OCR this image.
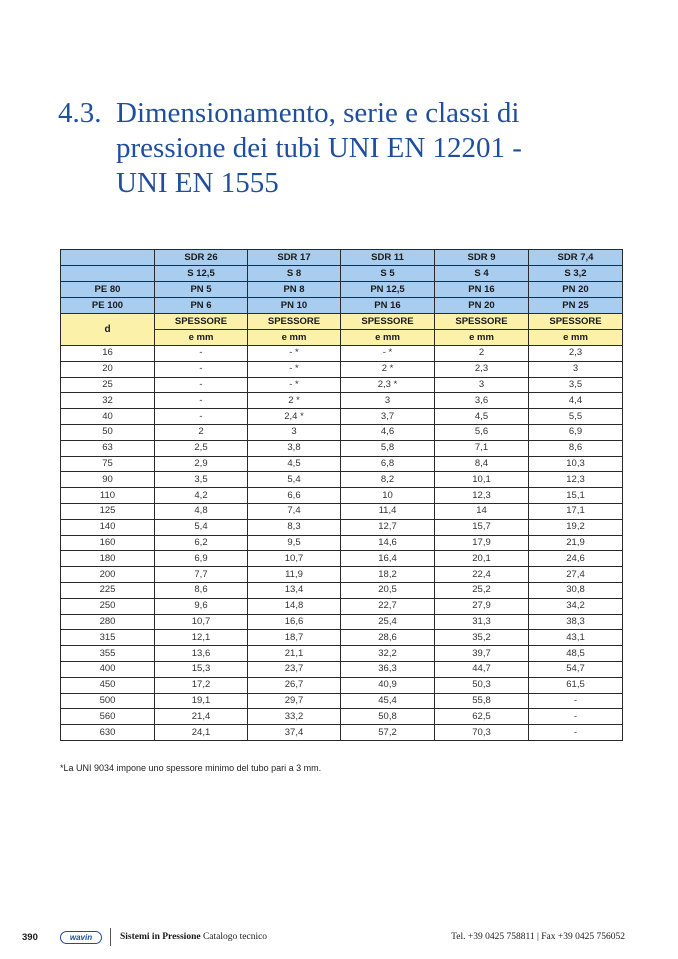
4.3. Dimensionamento, serie e classi di
pressione dei tubi UNI EN 12201 -
UNI EN 1555
	SDR 26	SDR 17	SDR 11	SDR 9	SDR 7,4
	S 12,5	S 8	S 5	S 4	S 3,2
PE 80	PN 5	PN 8	PN 12,5	PN 16	PN 20
PE 100	PN 6	PN 10	PN 16	PN 20	PN 25
d	SPESSORE	SPESSORE	SPESSORE	SPESSORE	SPESSORE
	e mm	e mm	e mm	e mm	e mm
16	-	- *	- *	2	2,3
20	-	- *	2 *	2,3	3
25	-	- *	2,3 *	3	3,5
32	-	2 *	3	3,6	4,4
40	-	2,4 *	3,7	4,5	5,5
50	2	3	4,6	5,6	6,9
63	2,5	3,8	5,8	7,1	8,6
75	2,9	4,5	6,8	8,4	10,3
90	3,5	5,4	8,2	10,1	12,3
110	4,2	6,6	10	12,3	15,1
125	4,8	7,4	11,4	14	17,1
140	5,4	8,3	12,7	15,7	19,2
160	6,2	9,5	14,6	17,9	21,9
180	6,9	10,7	16,4	20,1	24,6
200	7,7	11,9	18,2	22,4	27,4
225	8,6	13,4	20,5	25,2	30,8
250	9,6	14,8	22,7	27,9	34,2
280	10,7	16,6	25,4	31,3	38,3
315	12,1	18,7	28,6	35,2	43,1
355	13,6	21,1	32,2	39,7	48,5
400	15,3	23,7	36,3	44,7	54,7
450	17,2	26,7	40,9	50,3	61,5
500	19,1	29,7	45,4	55,8	-
560	21,4	33,2	50,8	62,5	-
630	24,1	37,4	57,2	70,3	-
*La UNI 9034 impone uno spessore minimo del tubo pari a 3 mm.
390	wavin	Sistemi in Pressione Catalogo tecnico	Tel. +39 0425 758811 | Fax +39 0425 756052
